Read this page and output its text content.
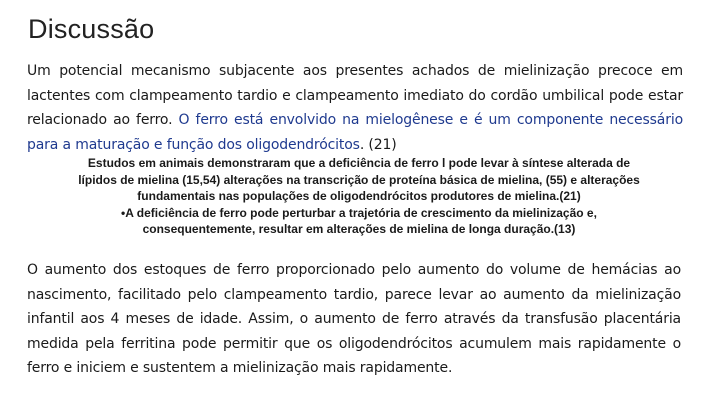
Discussão

Um potencial mecanismo subjacente aos presentes achados de mielinização precoce em lactentes com clampeamento tardio e clampeamento imediato do cordão umbilical pode estar relacionado ao ferro. O ferro está envolvido na mielogênese e é um componente necessário para a maturação e função dos oligodendrócitos. (21)

Estudos em animais demonstraram que a deficiência de ferro l pode levar à síntese alterada de
lípidos de mielina (15,54) alterações na transcrição de proteína básica de mielina, (55) e alterações
fundamentais nas populações de oligodendrócitos produtores de mielina.(21)
•A deficiência de ferro pode perturbar a trajetória de crescimento da mielinização e,
consequentemente, resultar em alterações de mielina de longa duração.(13)

O aumento dos estoques de ferro proporcionado pelo aumento do volume de hemácias ao nascimento, facilitado pelo clampeamento tardio, parece levar ao aumento da mielinização infantil aos 4 meses de idade. Assim, o aumento de ferro através da transfusão placentária medida pela ferritina pode permitir que os oligodendrócitos acumulem mais rapidamente o ferro e iniciem e sustentem a mielinização mais rapidamente.
